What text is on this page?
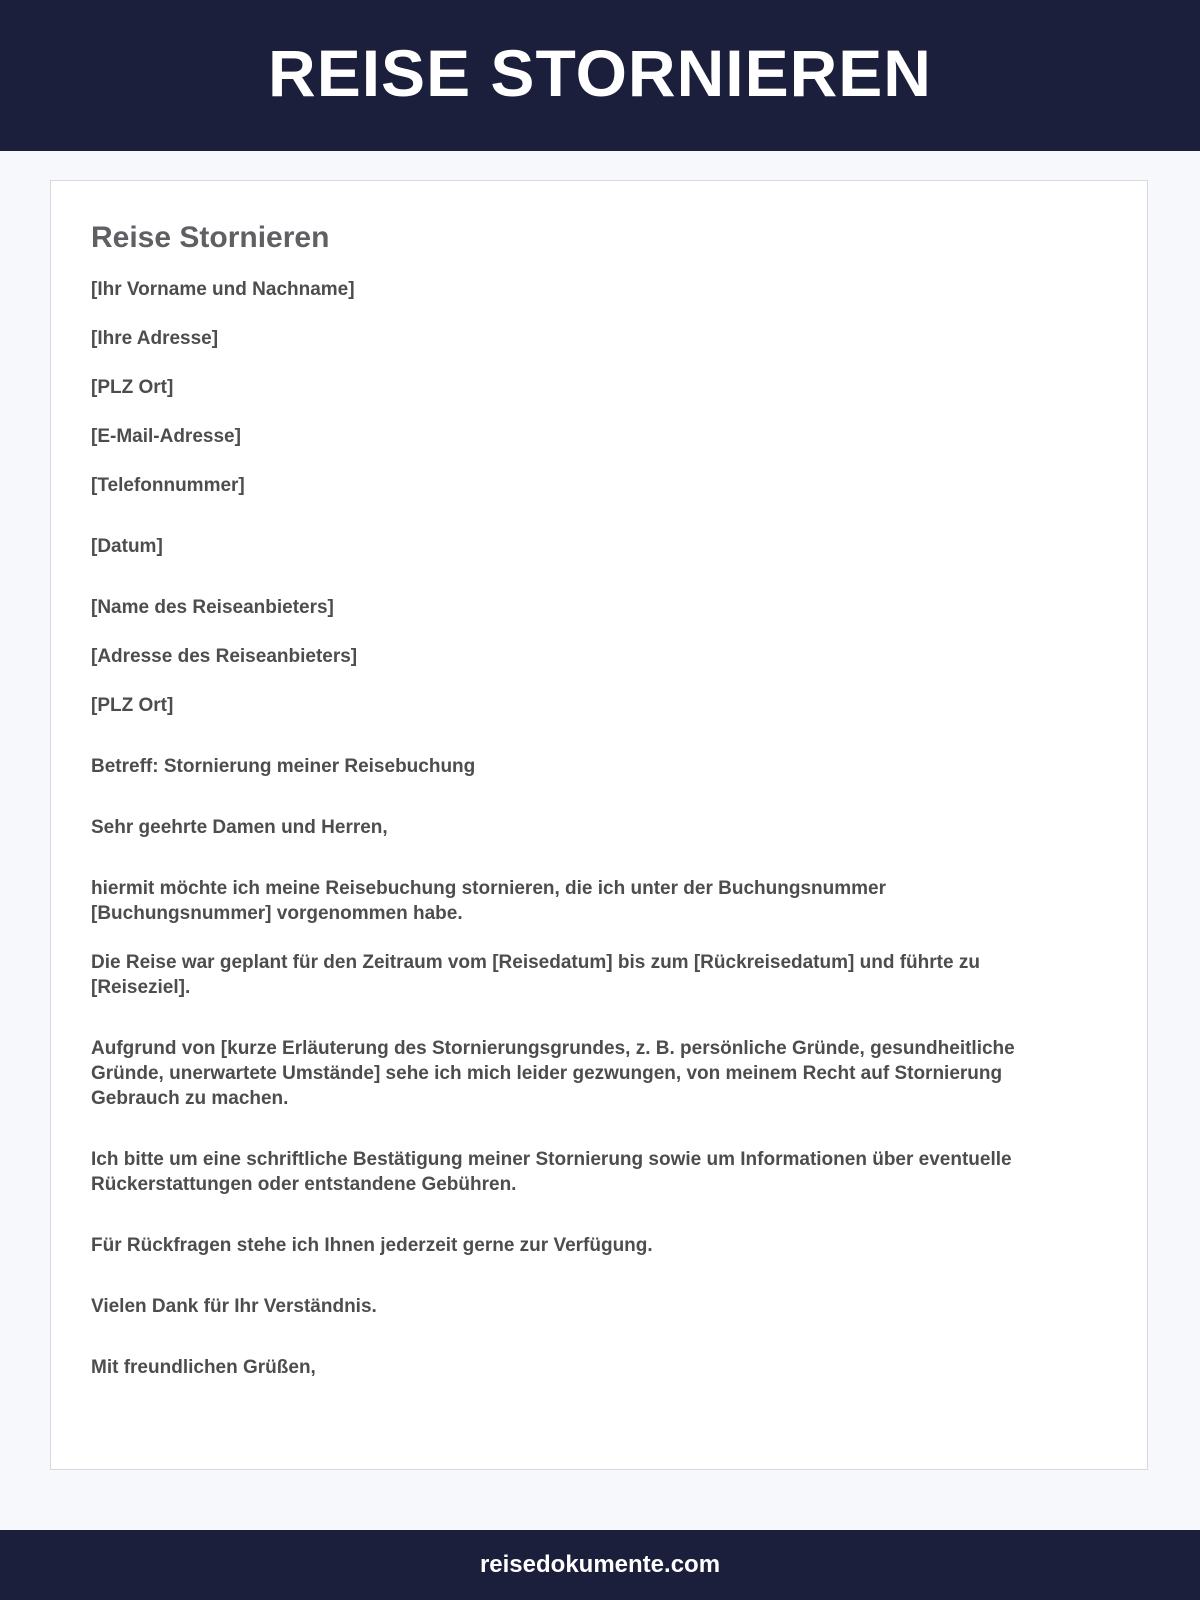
REISE STORNIEREN
Reise Stornieren

[Ihr Vorname und Nachname]

[Ihre Adresse]

[PLZ Ort]

[E-Mail-Adresse]

[Telefonnummer]

[Datum]

[Name des Reiseanbieters]

[Adresse des Reiseanbieters]

[PLZ Ort]

Betreff: Stornierung meiner Reisebuchung

Sehr geehrte Damen und Herren,

hiermit möchte ich meine Reisebuchung stornieren, die ich unter der Buchungsnummer [Buchungsnummer] vorgenommen habe.

Die Reise war geplant für den Zeitraum vom [Reisedatum] bis zum [Rückreisedatum] und führte zu [Reiseziel].

Aufgrund von [kurze Erläuterung des Stornierungsgrundes, z. B. persönliche Gründe, gesundheitliche Gründe, unerwartete Umstände] sehe ich mich leider gezwungen, von meinem Recht auf Stornierung Gebrauch zu machen.

Ich bitte um eine schriftliche Bestätigung meiner Stornierung sowie um Informationen über eventuelle Rückerstattungen oder entstandene Gebühren.

Für Rückfragen stehe ich Ihnen jederzeit gerne zur Verfügung.

Vielen Dank für Ihr Verständnis.

Mit freundlichen Grüßen,

reisedokumente.com
